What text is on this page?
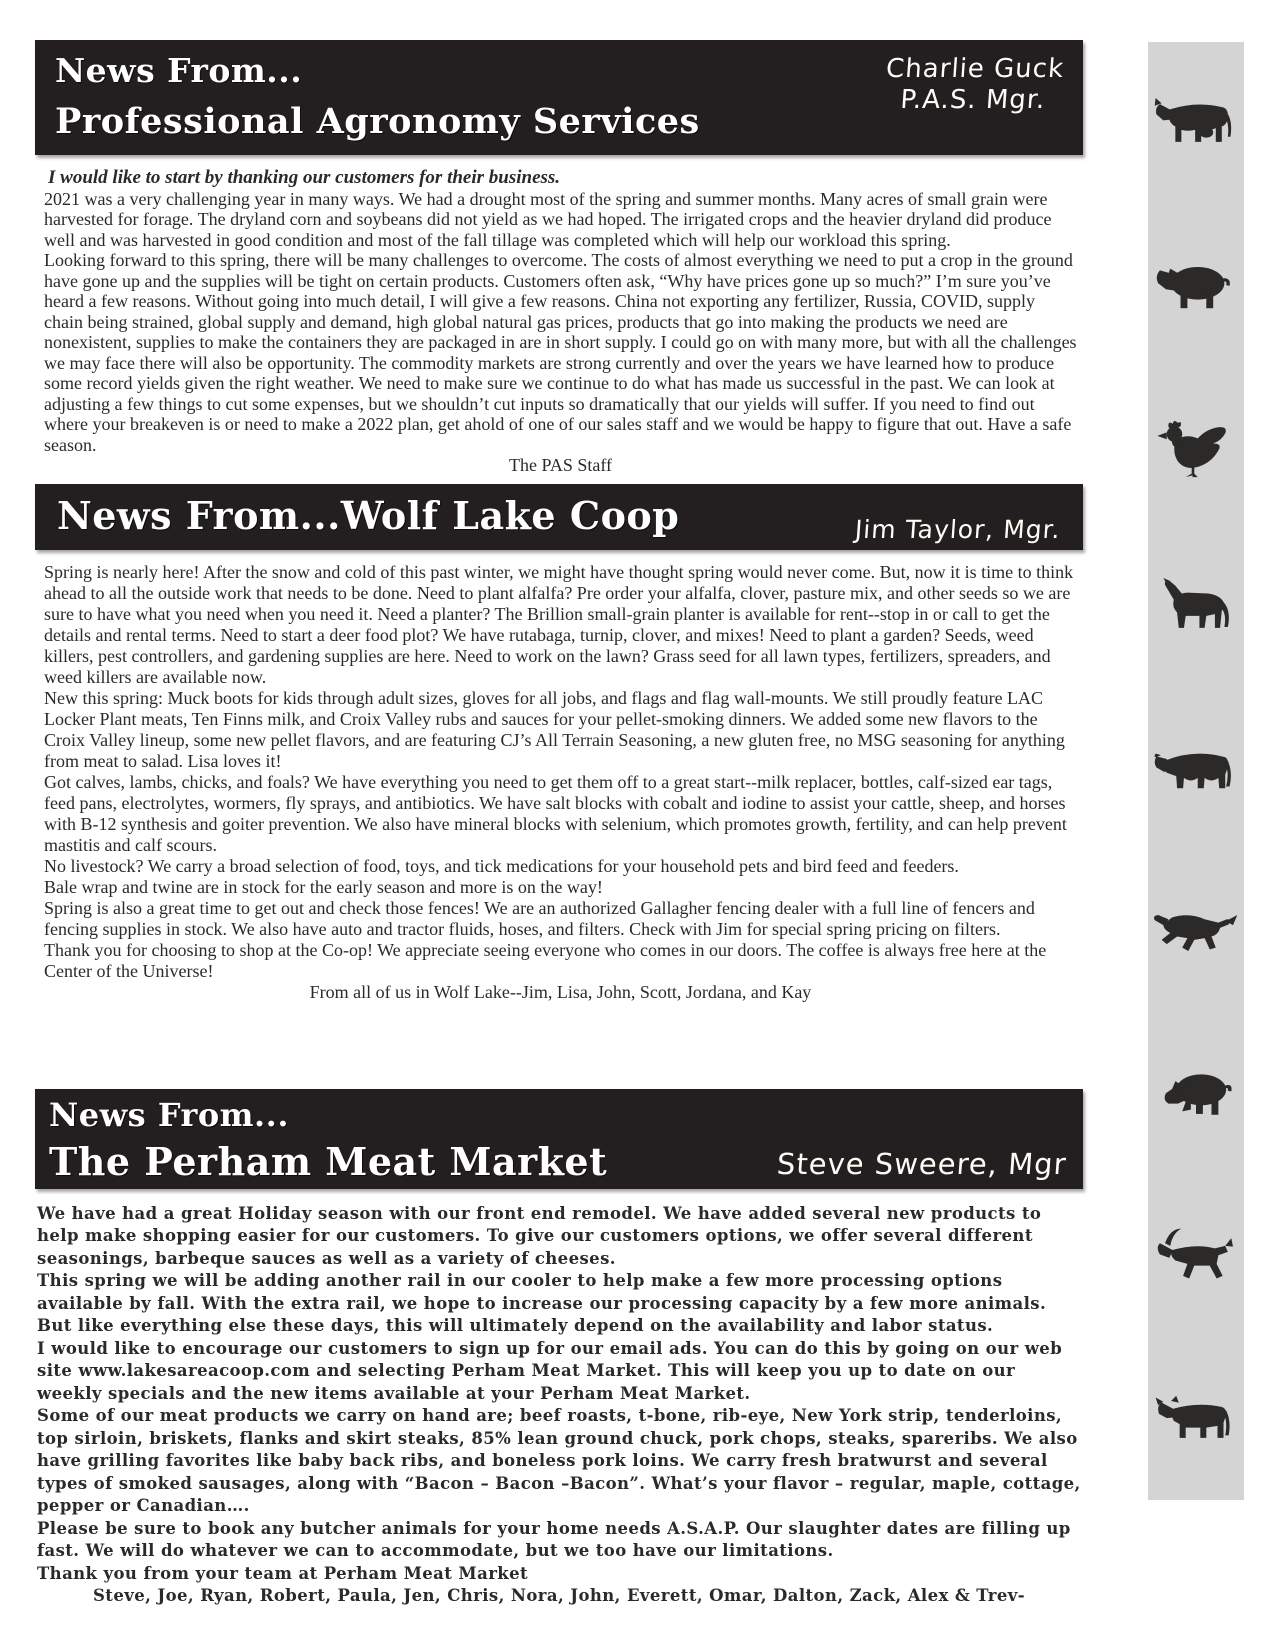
News From...
Professional Agronomy Services
Charlie Guck
P.A.S. Mgr.

I would like to start by thanking our customers for their business.

2021 was a very challenging year in many ways. We had a drought most of the spring and summer months. Many acres of small grain were harvested for forage. The dryland corn and soybeans did not yield as we had hoped. The irrigated crops and the heavier dryland did produce well and was harvested in good condition and most of the fall tillage was completed which will help our workload this spring.

Looking forward to this spring, there will be many challenges to overcome. The costs of almost everything we need to put a crop in the ground have gone up and the supplies will be tight on certain products. Customers often ask, “Why have prices gone up so much?” I’m sure you’ve heard a few reasons. Without going into much detail, I will give a few reasons. China not exporting any fertilizer, Russia, COVID, supply chain being strained, global supply and demand, high global natural gas prices, products that go into making the products we need are nonexistent, supplies to make the containers they are packaged in are in short supply. I could go on with many more, but with all the challenges we may face there will also be opportunity. The commodity markets are strong currently and over the years we have learned how to produce some record yields given the right weather. We need to make sure we continue to do what has made us successful in the past. We can look at adjusting a few things to cut some expenses, but we shouldn’t cut inputs so dramatically that our yields will suffer. If you need to find out where your breakeven is or need to make a 2022 plan, get ahold of one of our sales staff and we would be happy to figure that out. Have a safe season.

The PAS Staff

News From...Wolf Lake Coop	Jim Taylor, Mgr.

Spring is nearly here! After the snow and cold of this past winter, we might have thought spring would never come. But, now it is time to think ahead to all the outside work that needs to be done. Need to plant alfalfa? Pre order your alfalfa, clover, pasture mix, and other seeds so we are sure to have what you need when you need it. Need a planter? The Brillion small-grain planter is available for rent--stop in or call to get the details and rental terms. Need to start a deer food plot? We have rutabaga, turnip, clover, and mixes! Need to plant a garden? Seeds, weed killers, pest controllers, and gardening supplies are here. Need to work on the lawn? Grass seed for all lawn types, fertilizers, spreaders, and weed killers are available now.

New this spring: Muck boots for kids through adult sizes, gloves for all jobs, and flags and flag wall-mounts. We still proudly feature LAC Locker Plant meats, Ten Finns milk, and Croix Valley rubs and sauces for your pellet-smoking dinners. We added some new flavors to the Croix Valley lineup, some new pellet flavors, and are featuring CJ’s All Terrain Seasoning, a new gluten free, no MSG seasoning for anything from meat to salad. Lisa loves it!

Got calves, lambs, chicks, and foals? We have everything you need to get them off to a great start--milk replacer, bottles, calf-sized ear tags, feed pans, electrolytes, wormers, fly sprays, and antibiotics. We have salt blocks with cobalt and iodine to assist your cattle, sheep, and horses with B-12 synthesis and goiter prevention. We also have mineral blocks with selenium, which promotes growth, fertility, and can help prevent mastitis and calf scours.

No livestock? We carry a broad selection of food, toys, and tick medications for your household pets and bird feed and feeders.

Bale wrap and twine are in stock for the early season and more is on the way!

Spring is also a great time to get out and check those fences! We are an authorized Gallagher fencing dealer with a full line of fencers and fencing supplies in stock. We also have auto and tractor fluids, hoses, and filters. Check with Jim for special spring pricing on filters.

Thank you for choosing to shop at the Co-op! We appreciate seeing everyone who comes in our doors. The coffee is always free here at the Center of the Universe!

From all of us in Wolf Lake--Jim, Lisa, John, Scott, Jordana, and Kay

News From...
The Perham Meat Market	Steve Sweere, Mgr

We have had a great Holiday season with our front end remodel. We have added several new products to help make shopping easier for our customers. To give our customers options, we offer several different seasonings, barbeque sauces as well as a variety of cheeses.

This spring we will be adding another rail in our cooler to help make a few more processing options available by fall. With the extra rail, we hope to increase our processing capacity by a few more animals. But like everything else these days, this will ultimately depend on the availability and labor status.

I would like to encourage our customers to sign up for our email ads. You can do this by going on our web site www.lakesareacoop.com and selecting Perham Meat Market. This will keep you up to date on our weekly specials and the new items available at your Perham Meat Market.

Some of our meat products we carry on hand are; beef roasts, t-bone, rib-eye, New York strip, tenderloins, top sirloin, briskets, flanks and skirt steaks, 85% lean ground chuck, pork chops, steaks, spareribs. We also have grilling favorites like baby back ribs, and boneless pork loins. We carry fresh bratwurst and several types of smoked sausages, along with “Bacon – Bacon –Bacon”. What’s your flavor – regular, maple, cottage, pepper or Canadian….

Please be sure to book any butcher animals for your home needs A.S.A.P. Our slaughter dates are filling up fast. We will do whatever we can to accommodate, but we too have our limitations.

Thank you from your team at Perham Meat Market

Steve, Joe, Ryan, Robert, Paula, Jen, Chris, Nora, John, Everett, Omar, Dalton, Zack, Alex & Trev-
